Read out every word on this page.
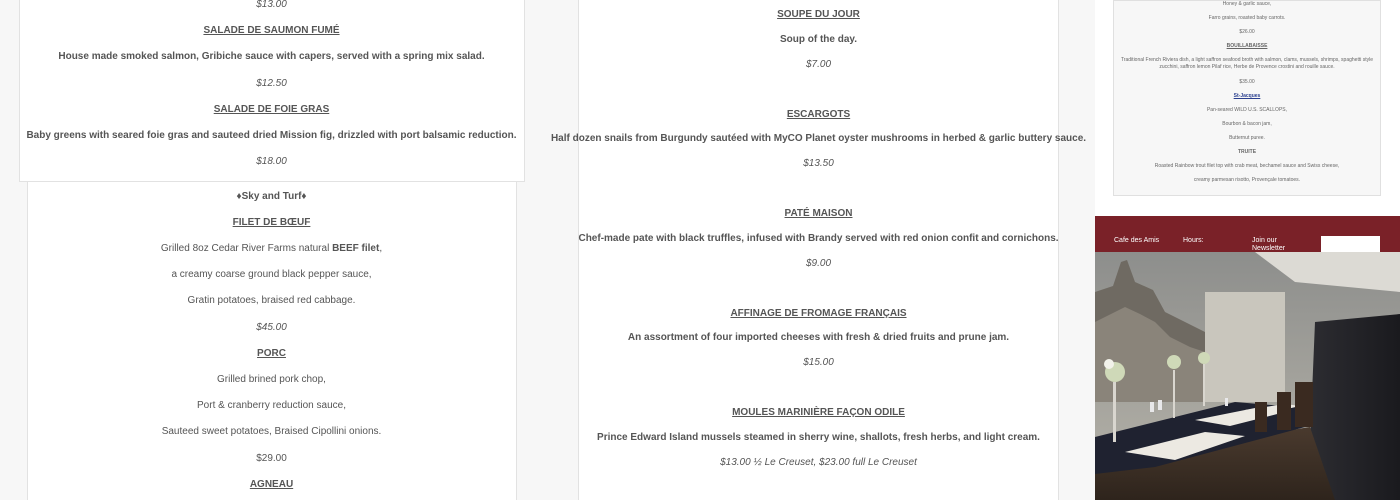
$13.00
SALADE DE SAUMON FUMÉ
House made smoked salmon, Gribiche sauce with capers, served with a spring mix salad.
$12.50
SALADE DE FOIE GRAS
Baby greens with seared foie gras and sauteed dried Mission fig, drizzled with port balsamic reduction.
$18.00
♦Sky and Turf♦
FILET DE BŒUF
Grilled 8oz Cedar River Farms natural BEEF filet,
a creamy coarse ground black pepper sauce,
Gratin potatoes, braised red cabbage.
$45.00
PORC
Grilled brined pork chop,
Port & cranberry reduction sauce,
Sauteed sweet potatoes, Braised Cipollini onions.
$29.00
AGNEAU
SOUPE DU JOUR
Soup of the day.
$7.00
ESCARGOTS
Half dozen snails from Burgundy sautéed with MyCO Planet oyster mushrooms in herbed & garlic buttery sauce.
$13.50
PATÉ MAISON
Chef-made pate with black truffles, infused with Brandy served with red onion confit and cornichons.
$9.00
AFFINAGE DE FROMAGE FRANÇAIS
An assortment of four imported cheeses with fresh & dried fruits and prune jam.
$15.00
MOULES MARINIÈRE FAÇON ODILE
Prince Edward Island mussels steamed in sherry wine, shallots, fresh herbs, and light cream.
$13.00 ½ Le Creuset, $23.00 full Le Creuset
Honey & garlic sauce,
Farro grains, roasted baby carrots.
$26.00
BOUILLABAISSE
Traditional French Riviera dish, a light saffron seafood broth with salmon, clams, mussels, shrimps, spaghetti style
zucchini, saffron lemon Pilaf rice, Herbe de Provence crostini and rouille sauce.
$35.00
St-Jacques
Pan-seared WILD U.S. SCALLOPS,
Bourbon & bacon jam,
Butternut puree.
TRUITE
Roasted Rainbow trout filet top with crab meat, bechamel sauce and Swiss cheese,
creamy parmesan risotto, Provençale tomatoes.
Cafe des Amis	Hours:	Join our
Newsletter
